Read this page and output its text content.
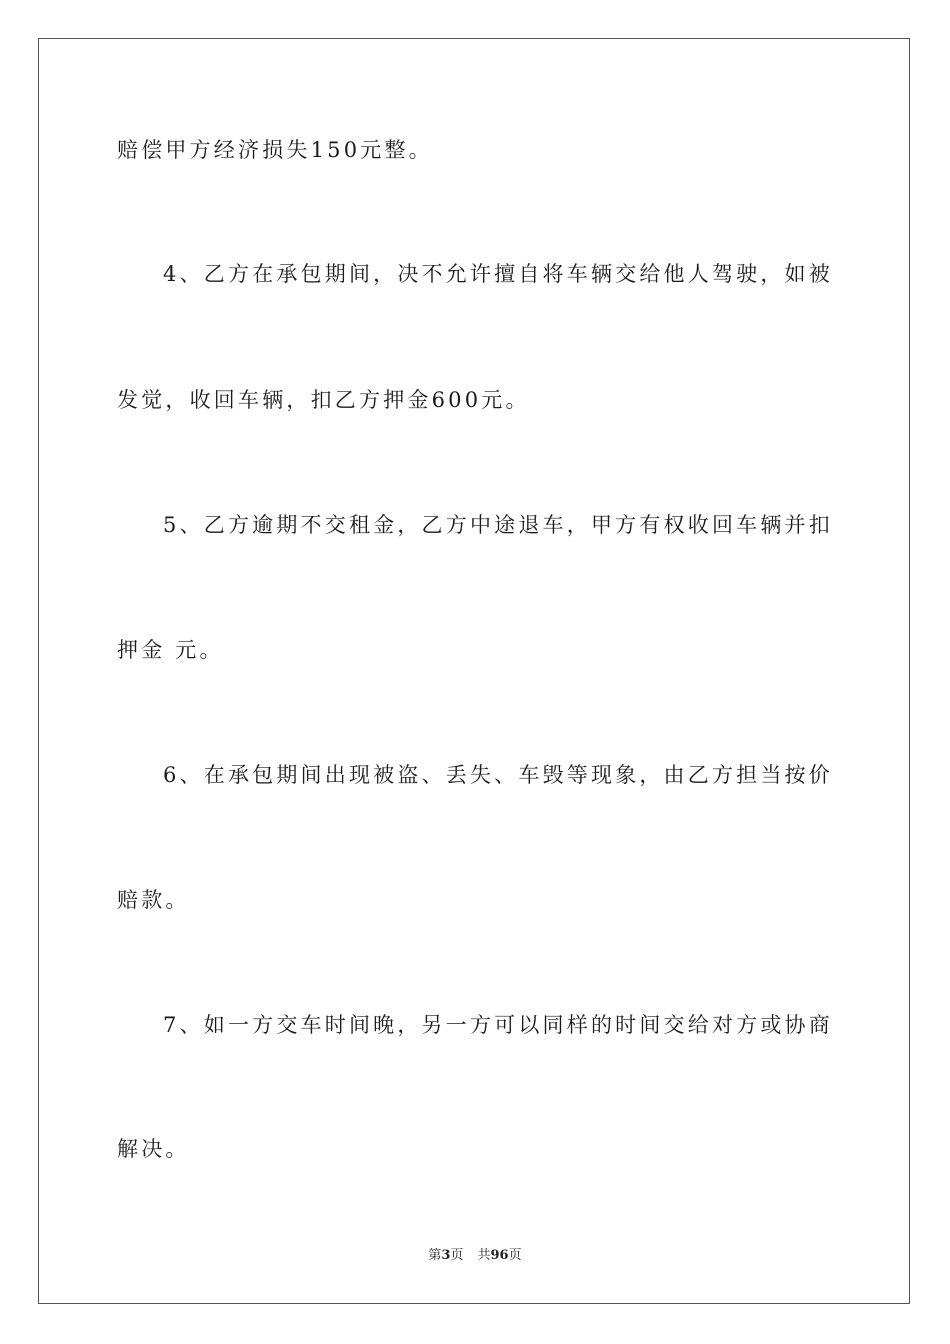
赔偿甲方经济损失150元整。
4、乙方在承包期间，决不允许擅自将车辆交给他人驾驶，如被
发觉，收回车辆，扣乙方押金600元。
5、乙方逾期不交租金，乙方中途退车，甲方有权收回车辆并扣
押金 元。
6、在承包期间出现被盗、丢失、车毁等现象，由乙方担当按价
赔款。
7、如一方交车时间晚，另一方可以同样的时间交给对方或协商
解决。
第3页 共96页
